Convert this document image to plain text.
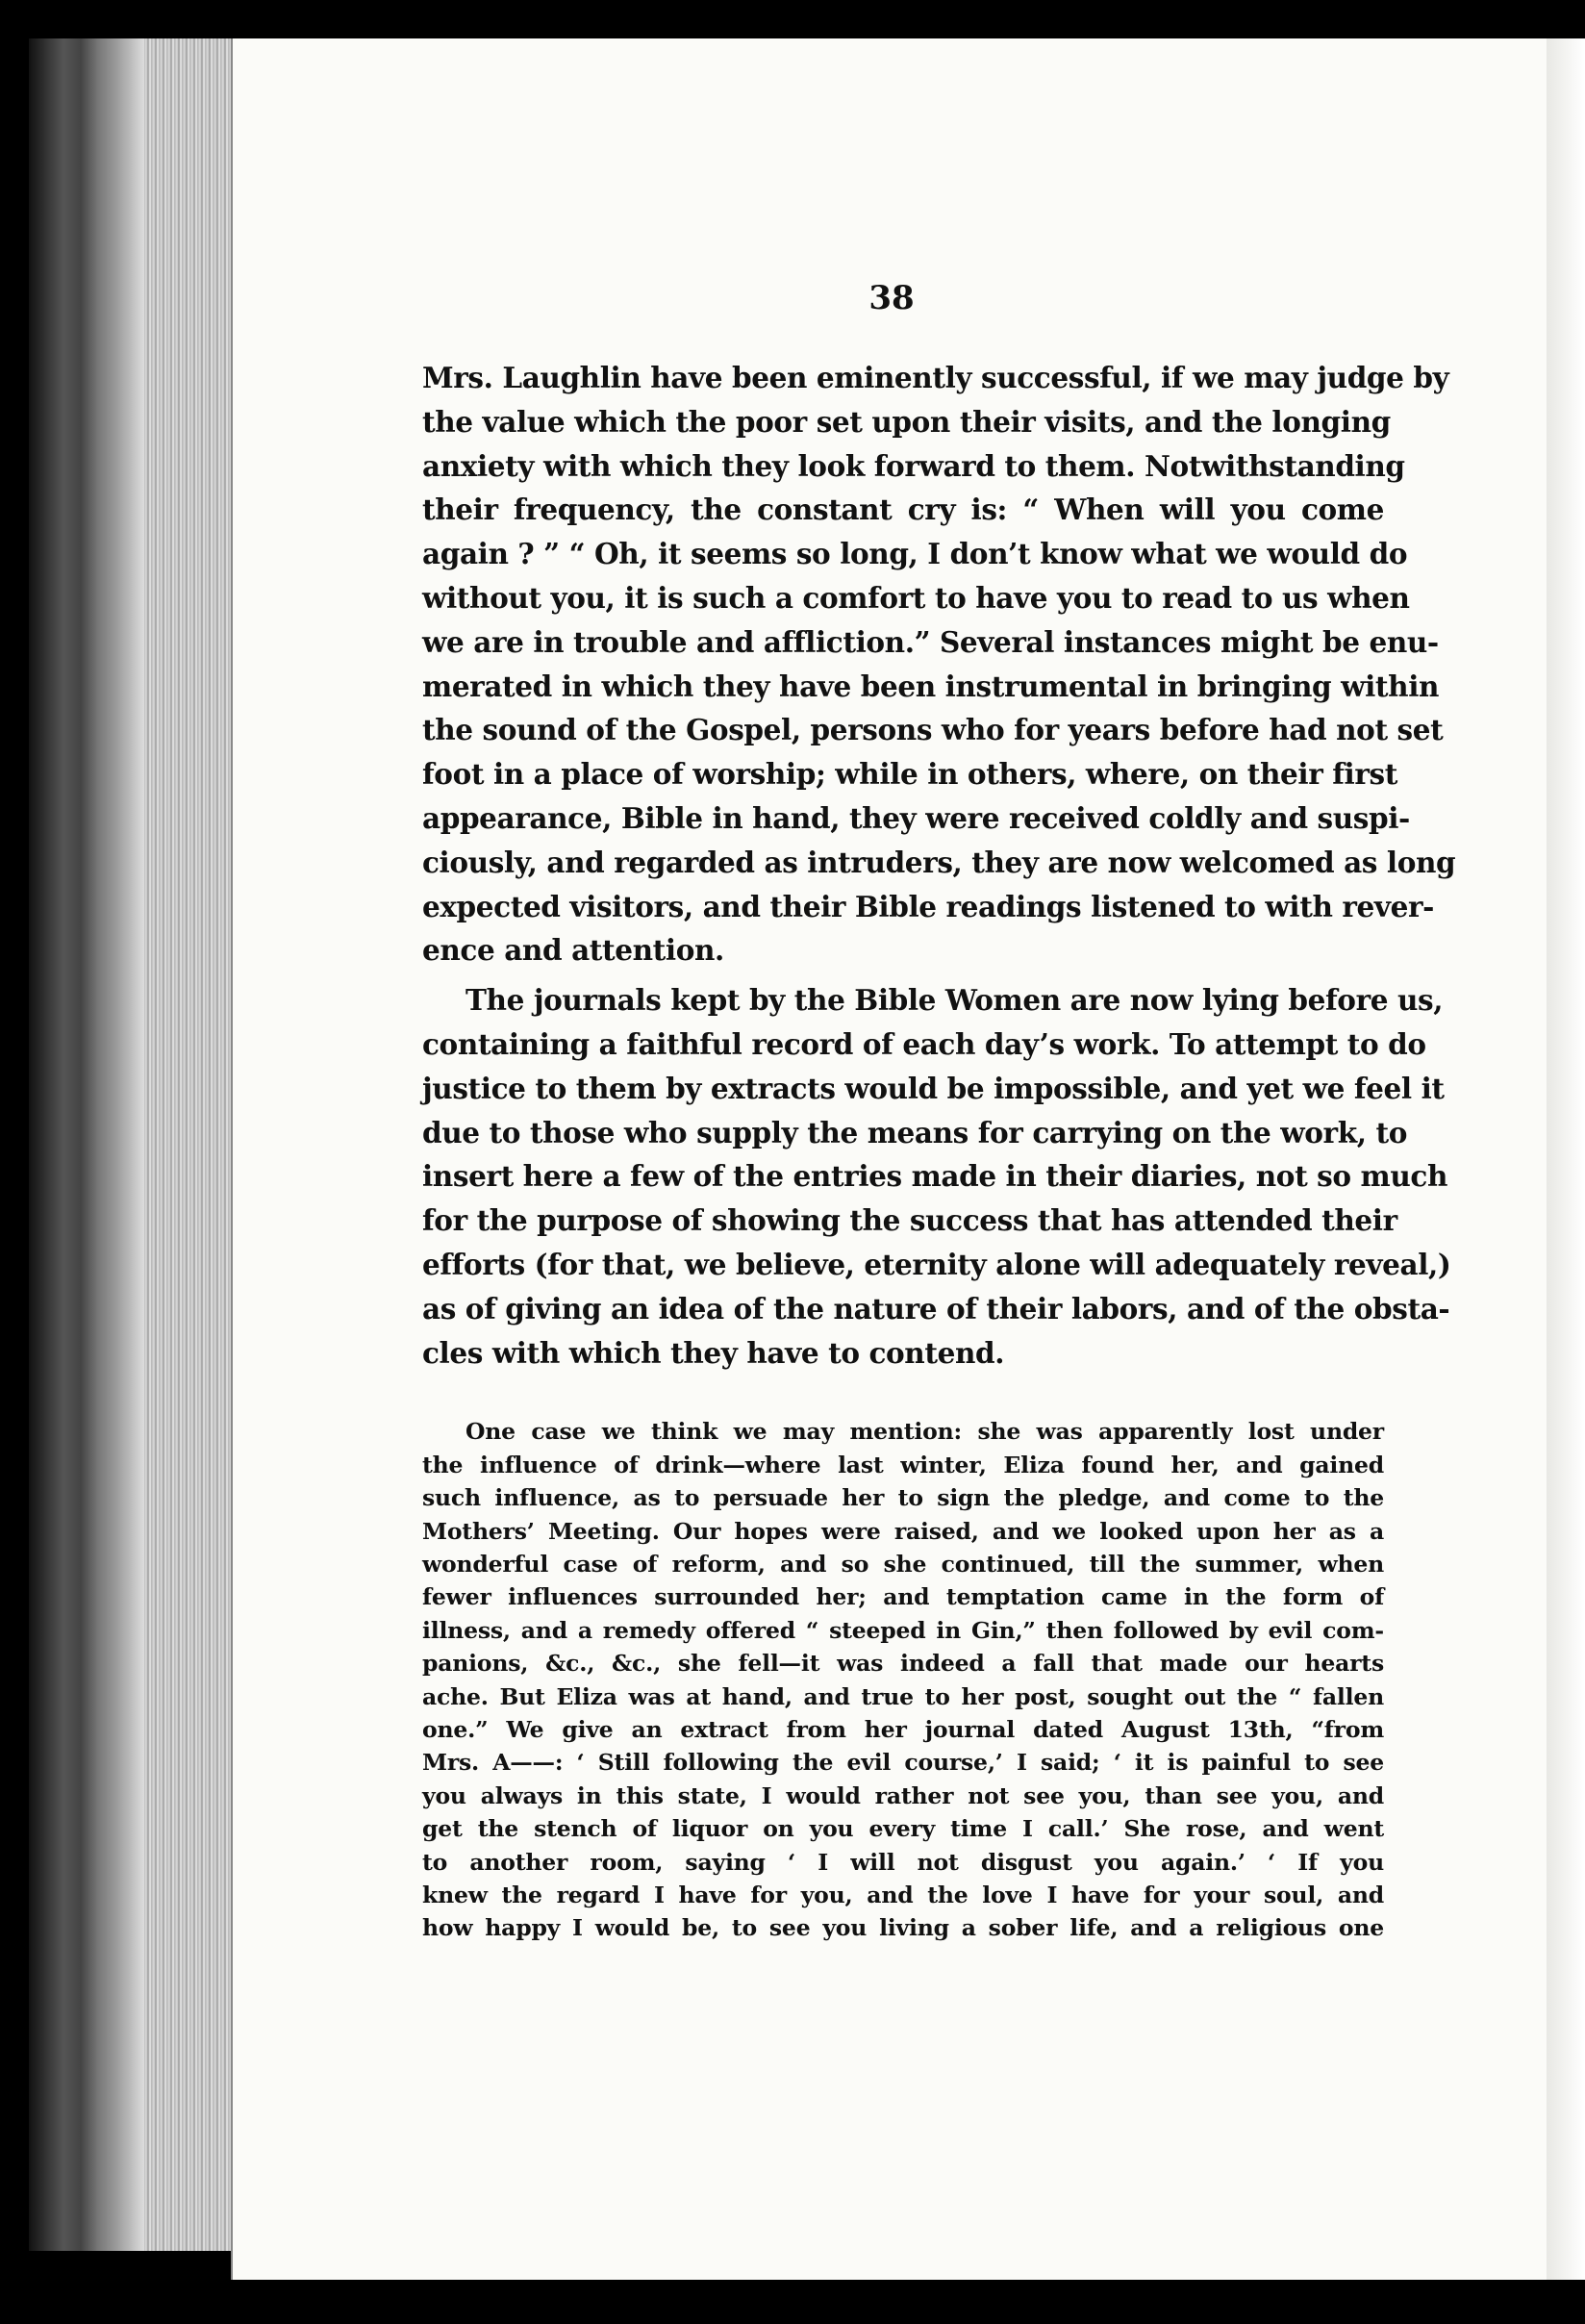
38
Mrs. Laughlin have been eminently successful, if we may judge by
the value which the poor set upon their visits, and the longing
anxiety with which they look forward to them. Notwithstanding
their frequency, the constant cry is: “ When will you come
again ? ” “ Oh, it seems so long, I don’t know what we would do
without you, it is such a comfort to have you to read to us when
we are in trouble and affliction.” Several instances might be enu-
merated in which they have been instrumental in bringing within
the sound of the Gospel, persons who for years before had not set
foot in a place of worship; while in others, where, on their first
appearance, Bible in hand, they were received coldly and suspi-
ciously, and regarded as intruders, they are now welcomed as long
expected visitors, and their Bible readings listened to with rever-
ence and attention.
The journals kept by the Bible Women are now lying before us,
containing a faithful record of each day’s work. To attempt to do
justice to them by extracts would be impossible, and yet we feel it
due to those who supply the means for carrying on the work, to
insert here a few of the entries made in their diaries, not so much
for the purpose of showing the success that has attended their
efforts (for that, we believe, eternity alone will adequately reveal,)
as of giving an idea of the nature of their labors, and of the obsta-
cles with which they have to contend.
One case we think we may mention: she was apparently lost under
the influence of drink—where last winter, Eliza found her, and gained
such influence, as to persuade her to sign the pledge, and come to the
Mothers’ Meeting. Our hopes were raised, and we looked upon her as a
wonderful case of reform, and so she continued, till the summer, when
fewer influences surrounded her; and temptation came in the form of
illness, and a remedy offered “ steeped in Gin,” then followed by evil com-
panions, &c., &c., she fell—it was indeed a fall that made our hearts
ache. But Eliza was at hand, and true to her post, sought out the “ fallen
one.” We give an extract from her journal dated August 13th, “from
Mrs. A——: ‘ Still following the evil course,’ I said; ‘ it is painful to see
you always in this state, I would rather not see you, than see you, and
get the stench of liquor on you every time I call.’ She rose, and went
to another room, saying ‘ I will not disgust you again.’ ‘ If you
knew the regard I have for you, and the love I have for your soul, and
how happy I would be, to see you living a sober life, and a religious one
